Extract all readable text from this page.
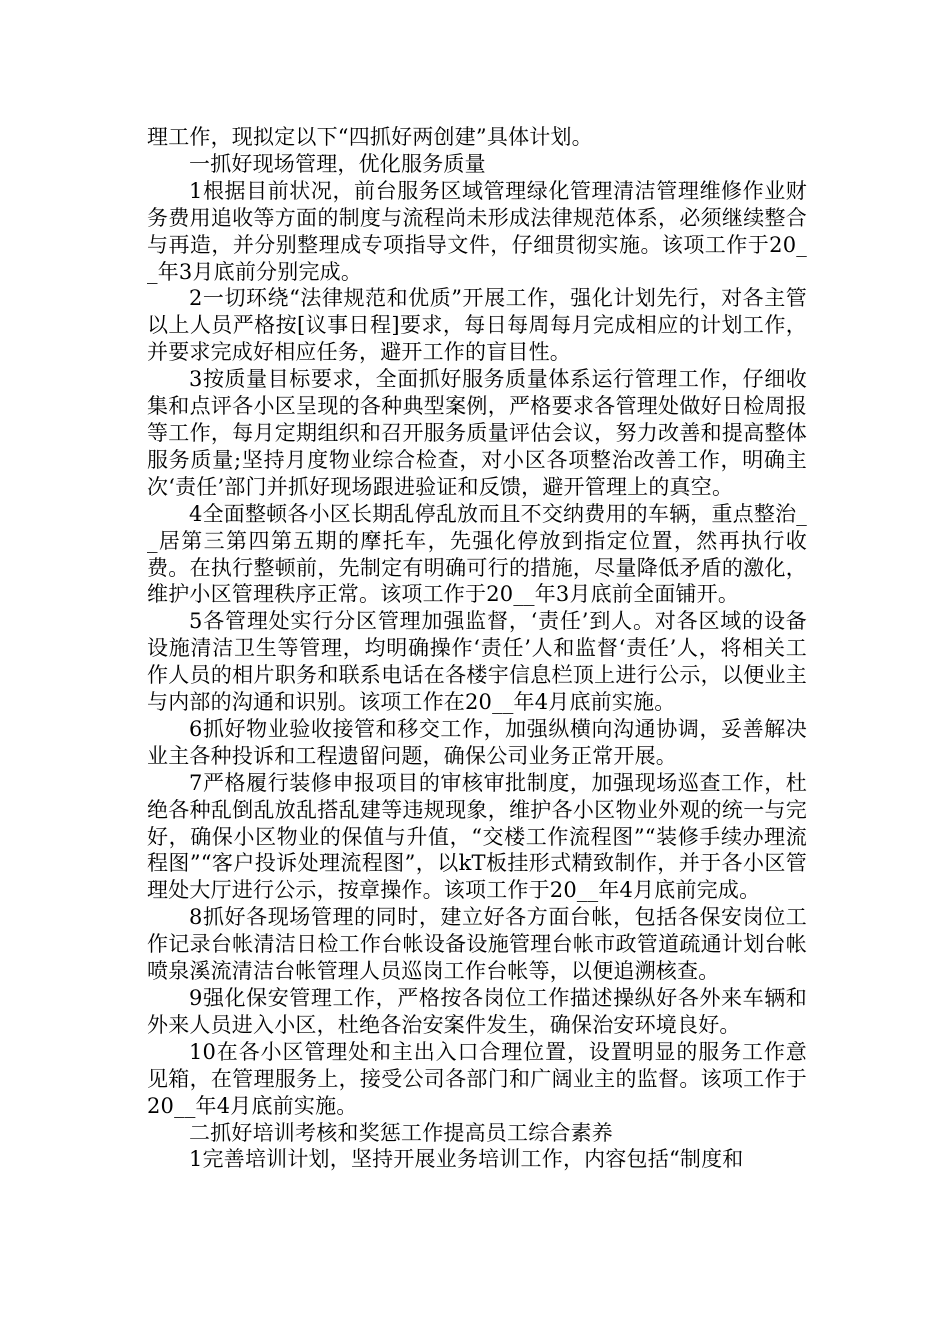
理工作，现拟定以下“四抓好两创建”具体计划。

一抓好现场管理，优化服务质量

1根据目前状况，前台服务区域管理绿化管理清洁管理维修作业财务费用追收等方面的制度与流程尚未形成法律规范体系，必须继续整合与再造，并分别整理成专项指导文件，仔细贯彻实施。该项工作于20__年3月底前分别完成。

2一切环绕“法律规范和优质”开展工作，强化计划先行，对各主管以上人员严格按[议事日程]要求，每日每周每月完成相应的计划工作，并要求完成好相应任务，避开工作的盲目性。

3按质量目标要求，全面抓好服务质量体系运行管理工作，仔细收集和点评各小区呈现的各种典型案例，严格要求各管理处做好日检周报等工作，每月定期组织和召开服务质量评估会议，努力改善和提高整体服务质量;坚持月度物业综合检查，对小区各项整治改善工作，明确主次‘责任’部门并抓好现场跟进验证和反馈，避开管理上的真空。

4全面整顿各小区长期乱停乱放而且不交纳费用的车辆，重点整治__居第三第四第五期的摩托车，先强化停放到指定位置，然再执行收费。在执行整顿前，先制定有明确可行的措施，尽量降低矛盾的激化，维护小区管理秩序正常。该项工作于20__年3月底前全面铺开。

5各管理处实行分区管理加强监督，‘责任’到人。对各区域的设备设施清洁卫生等管理，均明确操作‘责任’人和监督‘责任’人，将相关工作人员的相片职务和联系电话在各楼宇信息栏顶上进行公示，以便业主与内部的沟通和识别。该项工作在20__年4月底前实施。

6抓好物业验收接管和移交工作，加强纵横向沟通协调，妥善解决业主各种投诉和工程遗留问题，确保公司业务正常开展。

7严格履行装修申报项目的审核审批制度，加强现场巡查工作，杜绝各种乱倒乱放乱搭乱建等违规现象，维护各小区物业外观的统一与完好，确保小区物业的保值与升值，“交楼工作流程图”“装修手续办理流程图”“客户投诉处理流程图”，以kT板挂形式精致制作，并于各小区管理处大厅进行公示，按章操作。该项工作于20__年4月底前完成。

8抓好各现场管理的同时，建立好各方面台帐，包括各保安岗位工作记录台帐清洁日检工作台帐设备设施管理台帐市政管道疏通计划台帐喷泉溪流清洁台帐管理人员巡岗工作台帐等，以便追溯核查。

9强化保安管理工作，严格按各岗位工作描述操纵好各外来车辆和外来人员进入小区，杜绝各治安案件发生，确保治安环境良好。

10在各小区管理处和主出入口合理位置，设置明显的服务工作意见箱，在管理服务上，接受公司各部门和广阔业主的监督。该项工作于20__年4月底前实施。

二抓好培训考核和奖惩工作提高员工综合素养

1完善培训计划，坚持开展业务培训工作，内容包括“制度和
